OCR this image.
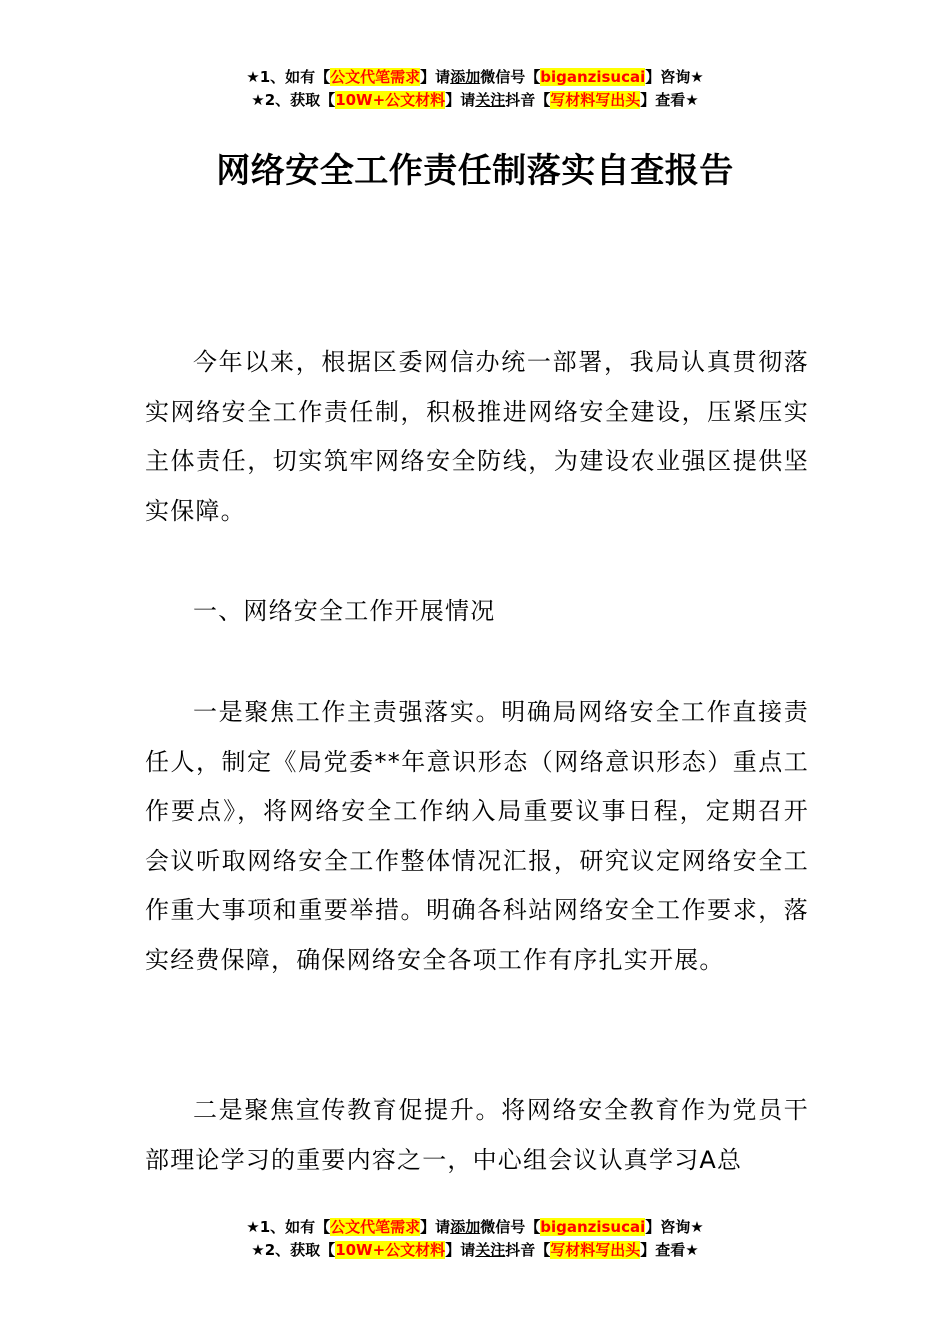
★1、如有【公文代笔需求】请添加微信号【biganzisucai】咨询★
★2、获取【10W+公文材料】请关注抖音【写材料写出头】查看★
网络安全工作责任制落实自查报告

今年以来，根据区委网信办统一部署，我局认真贯彻落实网络安全工作责任制，积极推进网络安全建设，压紧压实主体责任，切实筑牢网络安全防线，为建设农业强区提供坚实保障。

一、网络安全工作开展情况

一是聚焦工作主责强落实。明确局网络安全工作直接责任人，制定《局党委**年意识形态（网络意识形态）重点工作要点》，将网络安全工作纳入局重要议事日程，定期召开会议听取网络安全工作整体情况汇报，研究议定网络安全工作重大事项和重要举措。明确各科站网络安全工作要求，落实经费保障，确保网络安全各项工作有序扎实开展。

二是聚焦宣传教育促提升。将网络安全教育作为党员干部理论学习的重要内容之一，中心组会议认真学习A总

★1、如有【公文代笔需求】请添加微信号【biganzisucai】咨询★
★2、获取【10W+公文材料】请关注抖音【写材料写出头】查看★
